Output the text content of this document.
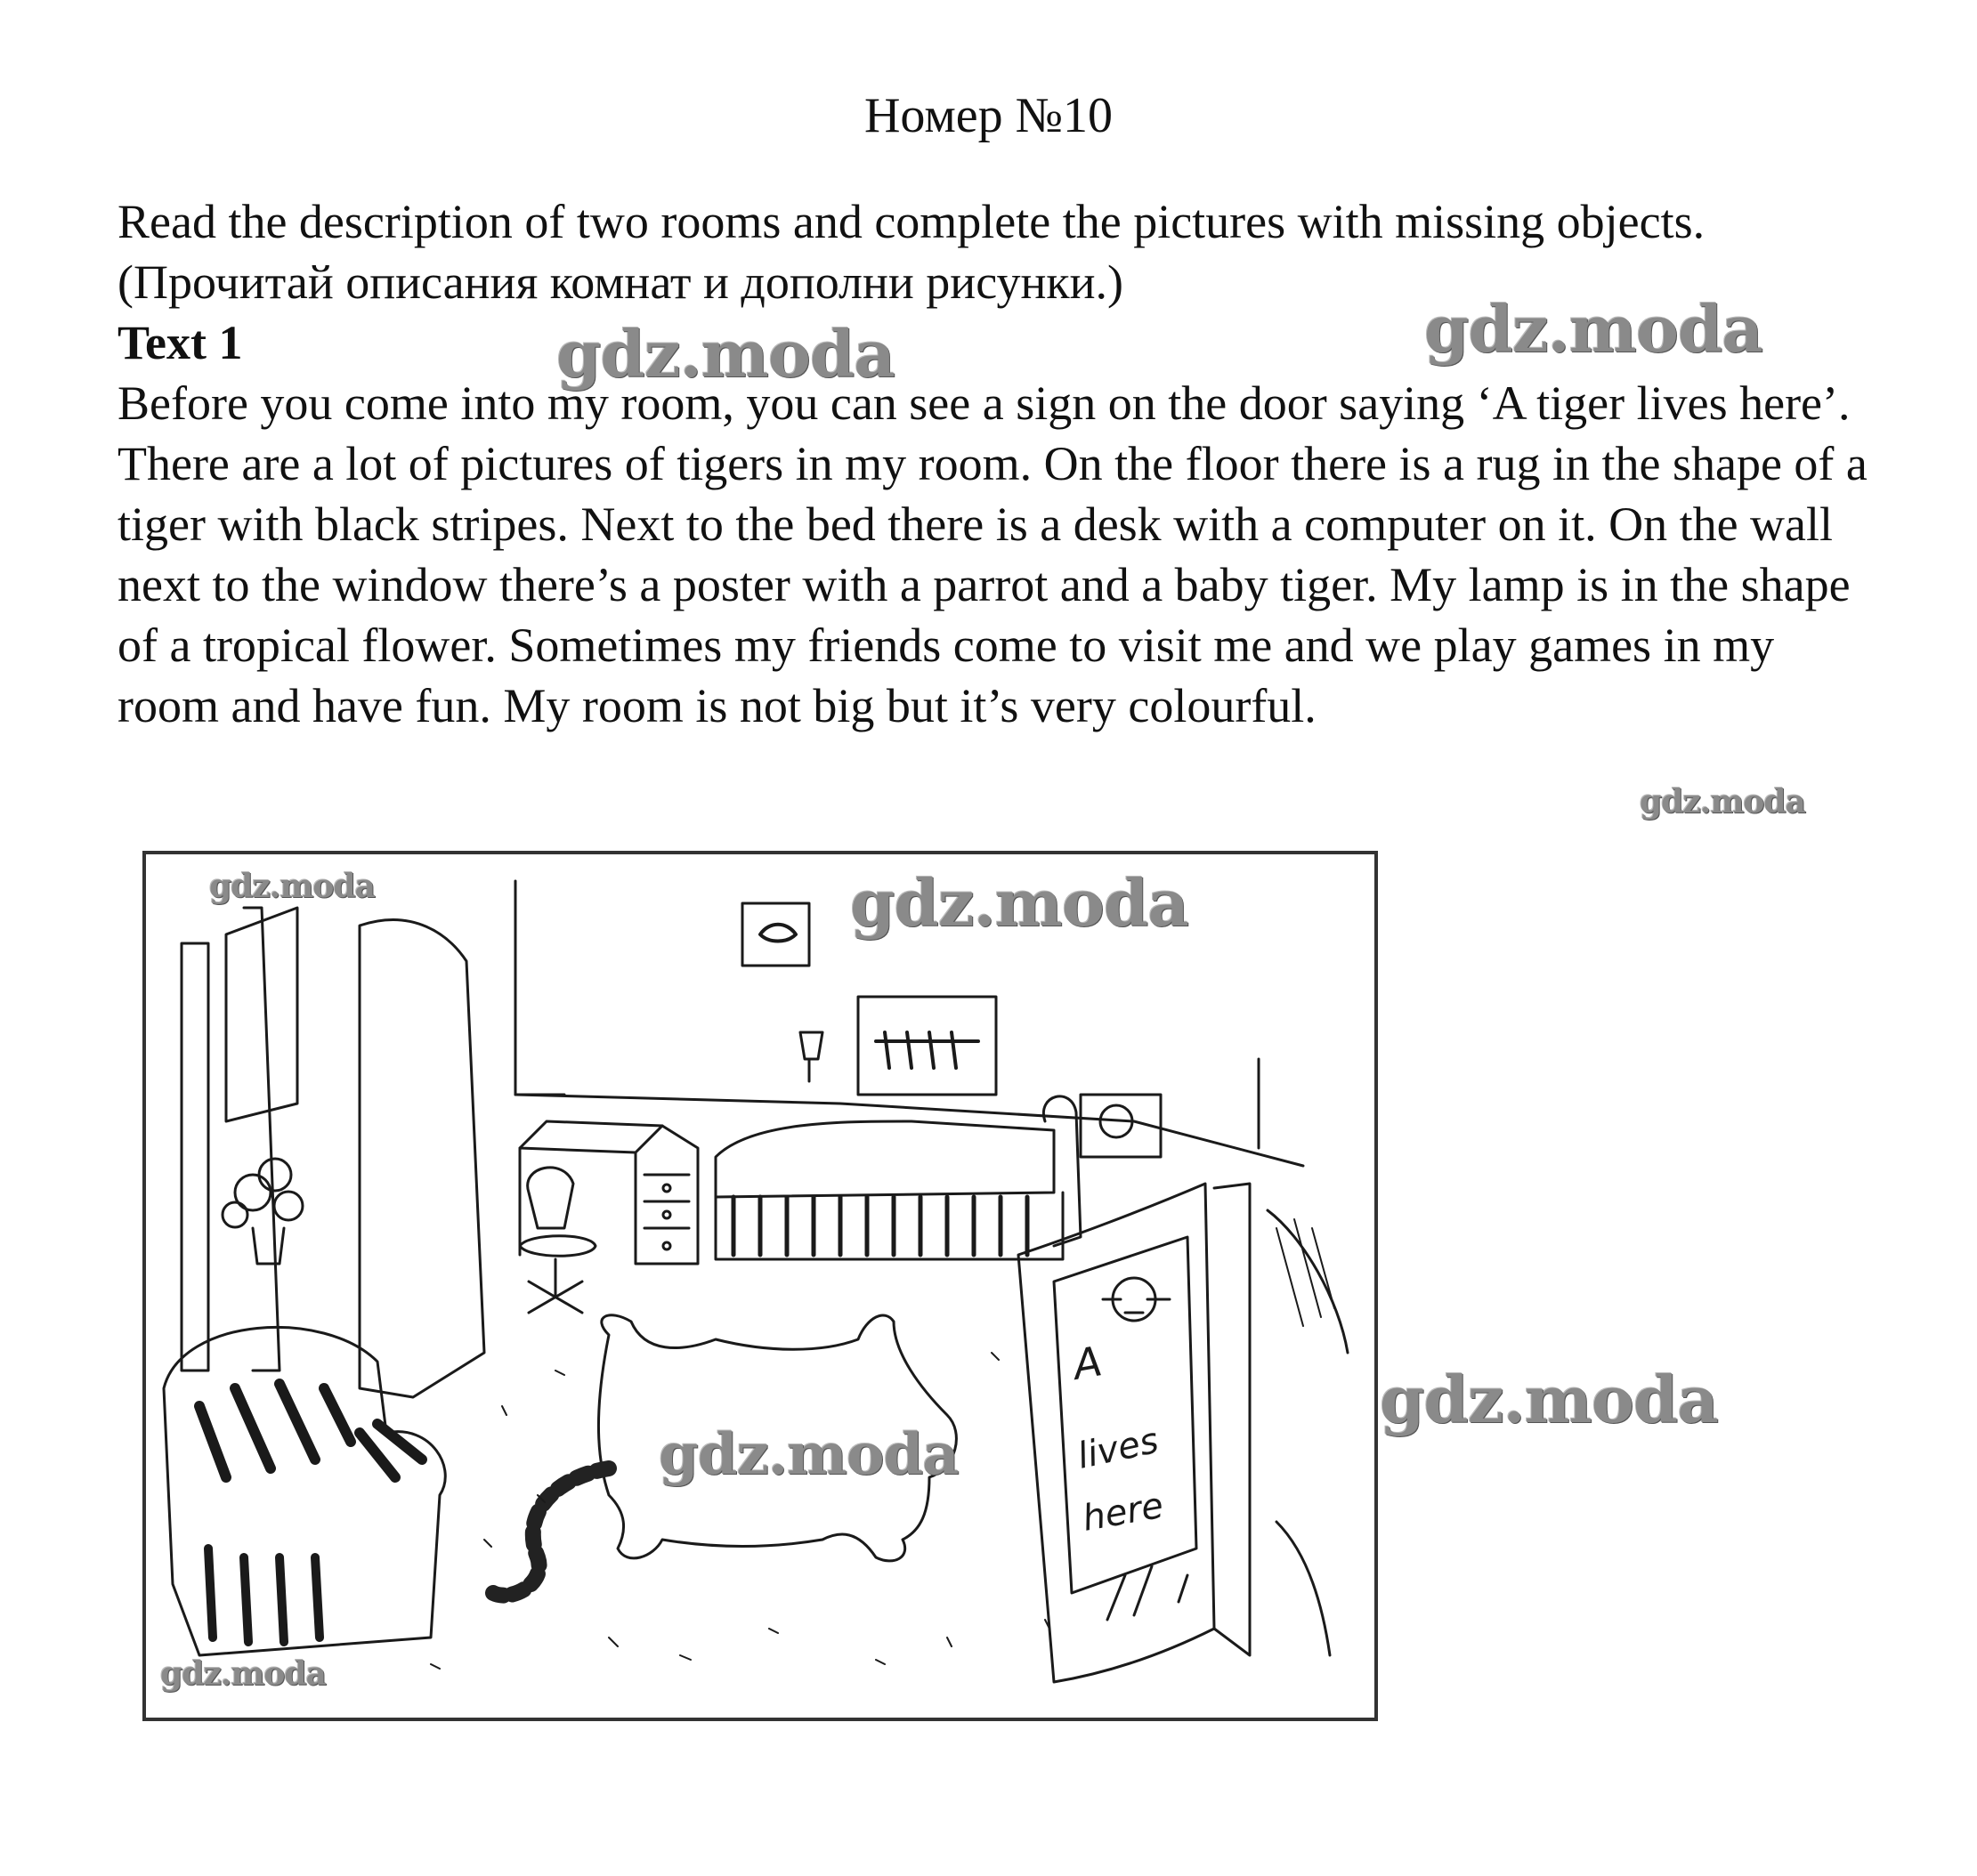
Номер №10

Read the description of two rooms and complete the pictures with missing objects. (Прочитай описания комнат и дополни рисунки.)

Text 1

Before you come into my room, you can see a sign on the door saying ‘A tiger lives here’. There are a lot of pictures of tigers in my room. On the floor there is a rug in the shape of a tiger with black stripes. Next to the bed there is a desk with a computer on it. On the wall next to the window there’s a poster with a parrot and a baby tiger. My lamp is in the shape of a tropical flower. Sometimes my friends come to visit me and we play games in my room and have fun. My room is not big but it’s very colourful.

A
lives
here
gdz.moda	gdz.moda
gdz.moda
gdz.moda	gdz.moda
gdz.moda
gdz.moda
gdz.moda
